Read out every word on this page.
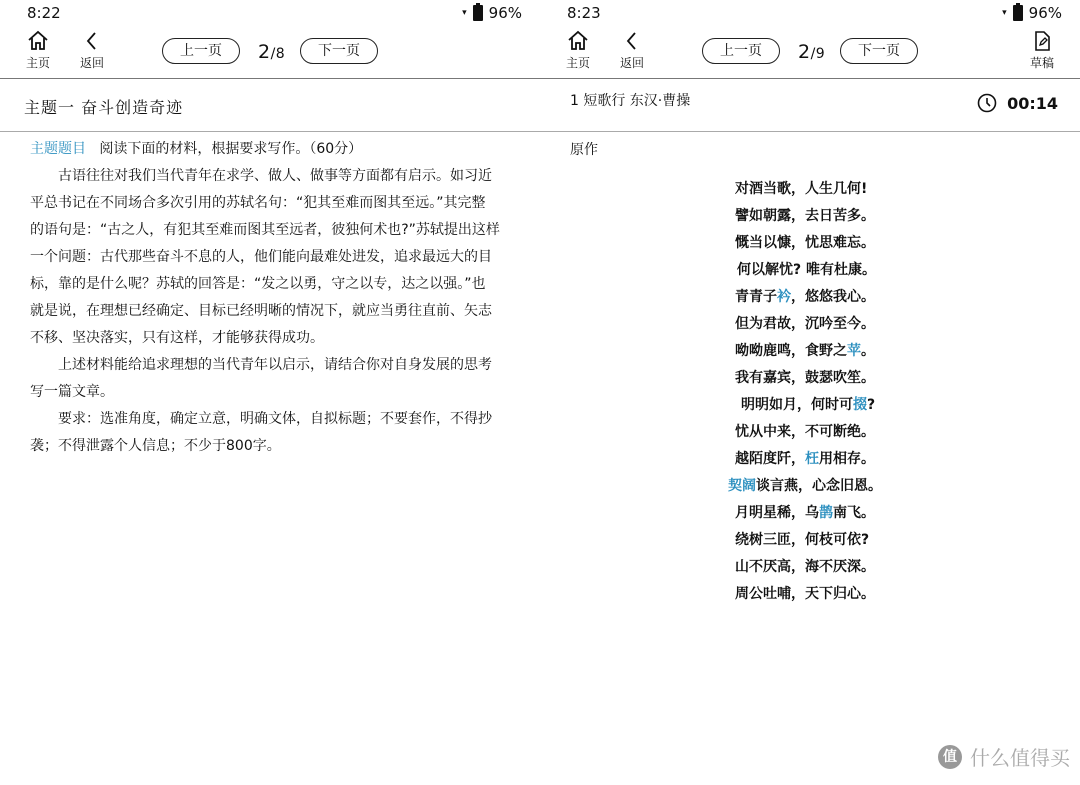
8:22	▾ 96%
主页	返回
上一页	2/8	下一页
主题一 奋斗创造奇迹

主题题目 阅读下面的材料，根据要求写作。（60分）

古语往往对我们当代青年在求学、做人、做事等方面都有启示。如习近
平总书记在不同场合多次引用的苏轼名句：“犯其至难而图其至远。”其完整
的语句是：“古之人，有犯其至难而图其至远者，彼独何术也?”苏轼提出这样
一个问题：古代那些奋斗不息的人，他们能向最难处进发，追求最远大的目
标，靠的是什么呢？苏轼的回答是：“发之以勇，守之以专，达之以强。”也
就是说，在理想已经确定、目标已经明晰的情况下，就应当勇往直前、矢志
不移、坚决落实，只有这样，才能够获得成功。
上述材料能给追求理想的当代青年以启示，请结合你对自身发展的思考
写一篇文章。
要求：选准角度，确定立意，明确文体，自拟标题；不要套作，不得抄
袭；不得泄露个人信息；不少于800字。
8:23	▾ 96%
主页	返回
上一页	2/9	下一页
草稿
1 短歌行 东汉·曹操	00:14
原作
对酒当歌，人生几何!
譬如朝露，去日苦多。
慨当以慷，忧思难忘。
何以解忧? 唯有杜康。
青青子衿，悠悠我心。
但为君故，沉吟至今。
呦呦鹿鸣，食野之苹。
我有嘉宾，鼓瑟吹笙。
明明如月，何时可掇?
忧从中来，不可断绝。
越陌度阡，枉用相存。
契阔谈言燕，心念旧恩。
月明星稀，乌鹊南飞。
绕树三匝，何枝可依?
山不厌高，海不厌深。
周公吐哺，天下归心。
值 什么值得买
